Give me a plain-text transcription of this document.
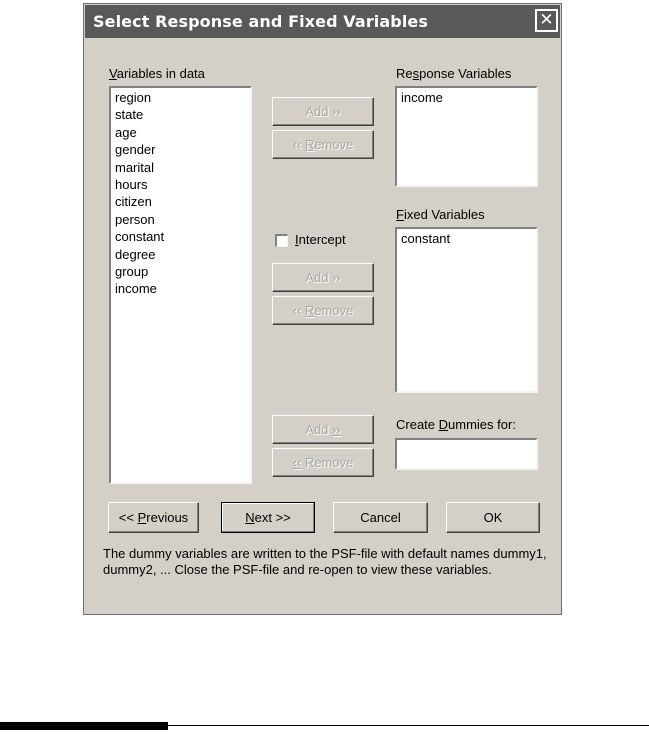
Select Response and Fixed Variables	✕
Variables in data
region
state
age
gender
marital
hours
citizen
person
constant
degree
group
income
Add ››
‹‹ Remove
Response Variables
income
Intercept
Add ››
‹‹ Remove
Fixed Variables
constant
Add ››
‹‹ Remove
Create Dummies for:
<< Previous	Next >>	Cancel	OK
The dummy variables are written to the PSF-file with default names dummy1, dummy2, ... Close the PSF-file and re-open to view these variables.
